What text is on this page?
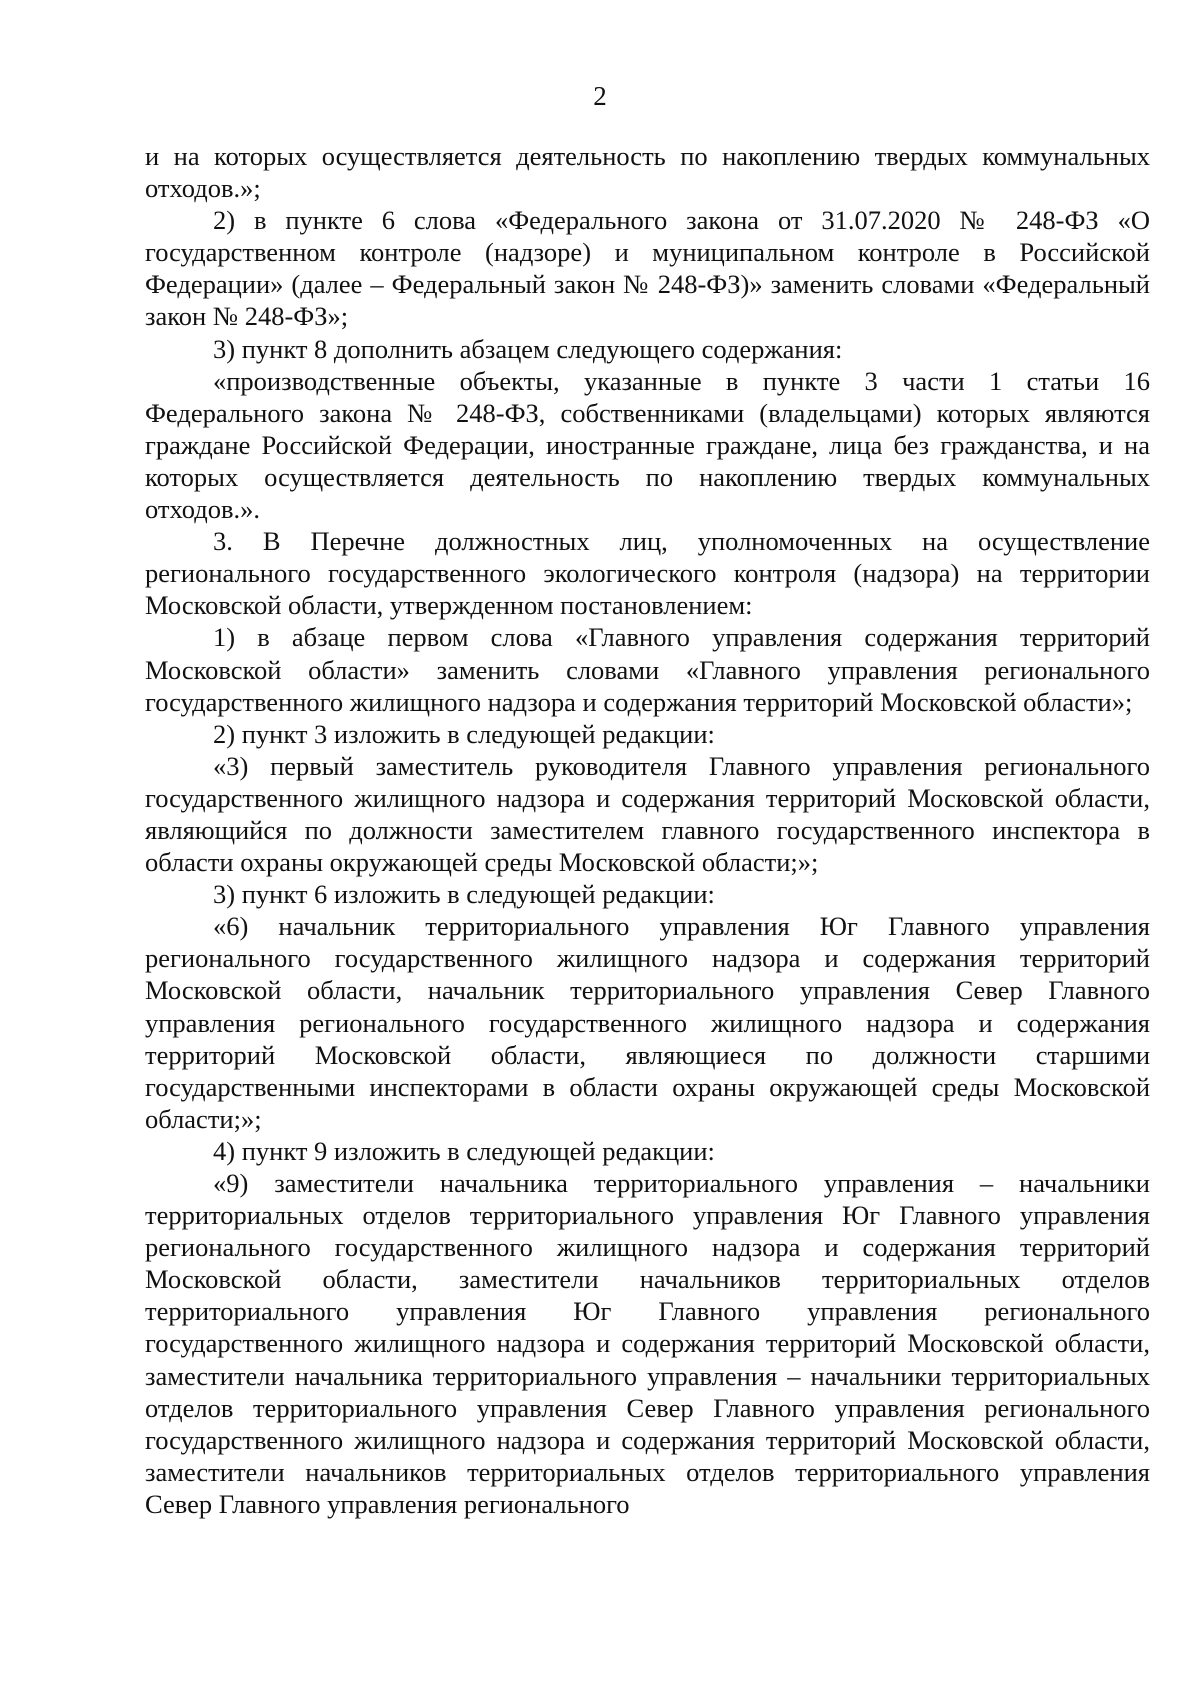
2

и на которых осуществляется деятельность по накоплению твердых коммунальных отходов.»;

2) в пункте 6 слова «Федерального закона от 31.07.2020 № 248-ФЗ «О государственном контроле (надзоре) и муниципальном контроле в Российской Федерации» (далее – Федеральный закон № 248-ФЗ)» заменить словами «Федеральный закон № 248-ФЗ»;

3) пункт 8 дополнить абзацем следующего содержания:

«производственные объекты, указанные в пункте 3 части 1 статьи 16 Федерального закона № 248-ФЗ, собственниками (владельцами) которых являются граждане Российской Федерации, иностранные граждане, лица без гражданства, и на которых осуществляется деятельность по накоплению твердых коммунальных отходов.».

3. В Перечне должностных лиц, уполномоченных на осуществление регионального государственного экологического контроля (надзора) на территории Московской области, утвержденном постановлением:

1) в абзаце первом слова «Главного управления содержания территорий Московской области» заменить словами «Главного управления регионального государственного жилищного надзора и содержания территорий Московской области»;

2) пункт 3 изложить в следующей редакции:

«3) первый заместитель руководителя Главного управления регионального государственного жилищного надзора и содержания территорий Московской области, являющийся по должности заместителем главного государственного инспектора в области охраны окружающей среды Московской области;»;

3) пункт 6 изложить в следующей редакции:

«6) начальник территориального управления Юг Главного управления регионального государственного жилищного надзора и содержания территорий Московской области, начальник территориального управления Север Главного управления регионального государственного жилищного надзора и содержания территорий Московской области, являющиеся по должности старшими государственными инспекторами в области охраны окружающей среды Московской области;»;

4) пункт 9 изложить в следующей редакции:

«9) заместители начальника территориального управления – начальники территориальных отделов территориального управления Юг Главного управления регионального государственного жилищного надзора и содержания территорий Московской области, заместители начальников территориальных отделов территориального управления Юг Главного управления регионального государственного жилищного надзора и содержания территорий Московской области, заместители начальника территориального управления – начальники территориальных отделов территориального управления Север Главного управления регионального государственного жилищного надзора и содержания территорий Московской области, заместители начальников территориальных отделов территориального управления Север Главного управления регионального
